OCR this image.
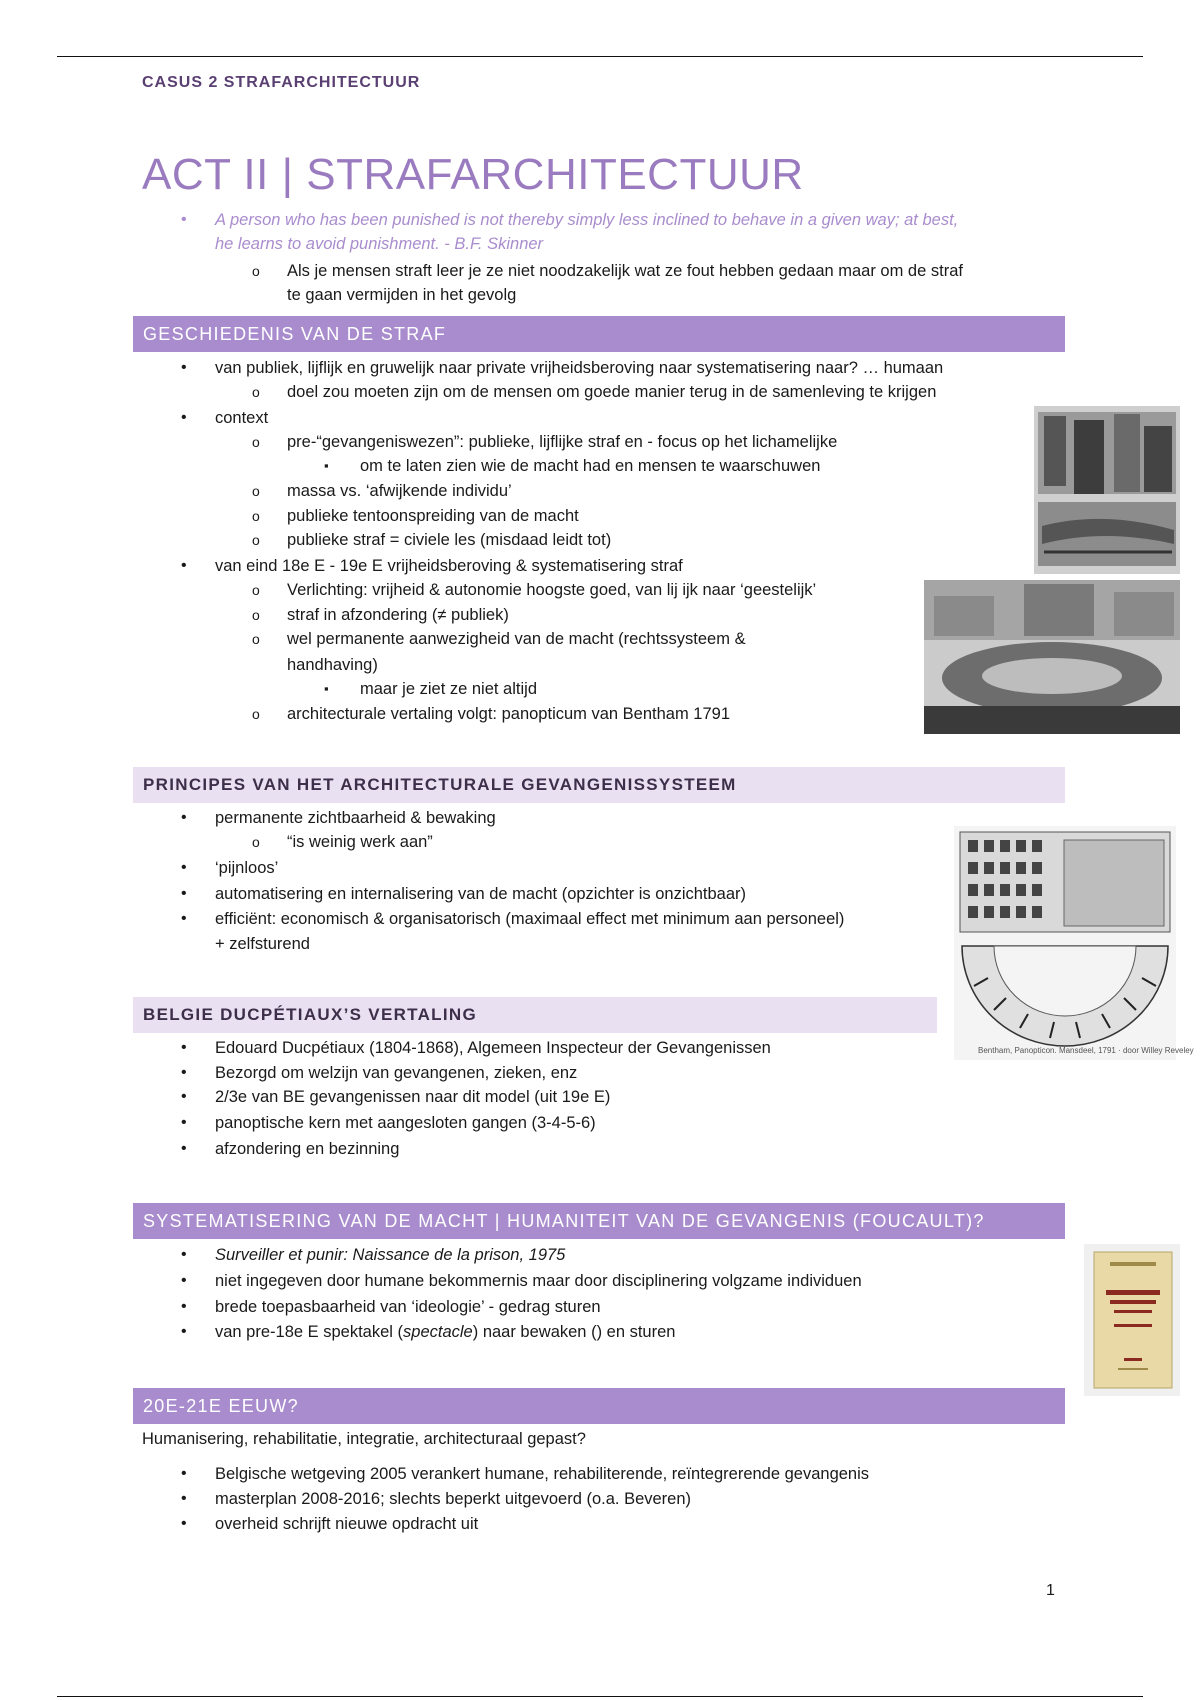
CASUS 2 STRAFARCHITECTUUR
ACT II | STRAFARCHITECTUUR
A person who has been punished is not thereby simply less inclined to behave in a given way; at best,
he learns to avoid punishment. - B.F. Skinner
Als je mensen straft leer je ze niet noodzakelijk wat ze fout hebben gedaan maar om de straf
te gaan vermijden in het gevolg
GESCHIEDENIS VAN DE STRAF
van publiek, lijflijk en gruwelijk naar private vrijheidsberoving naar systematisering naar? … humaan
doel zou moeten zijn om de mensen om goede manier terug in de samenleving te krijgen
context
pre-“gevangeniswezen”: publieke, lijflijke straf en - focus op het lichamelijke
om te laten zien wie de macht had en mensen te waarschuwen
massa vs. ‘afwijkende individu’
publieke tentoonspreiding van de macht
publieke straf = civiele les (misdaad leidt tot)
van eind 18e E - 19e E vrijheidsberoving & systematisering straf
Verlichting: vrijheid & autonomie hoogste goed, van lij ijk naar ‘geestelijk’
straf in afzondering (≠ publiek)
wel permanente aanwezigheid van de macht (rechtssysteem &
handhaving)
maar je ziet ze niet altijd
architecturale vertaling volgt: panopticum van Bentham 1791
PRINCIPES VAN HET ARCHITECTURALE GEVANGENISSYSTEEM
permanente zichtbaarheid & bewaking
“is weinig werk aan”
‘pijnloos’
automatisering en internalisering van de macht (opzichter is onzichtbaar)
efficiënt: economisch & organisatorisch (maximaal effect met minimum aan personeel)
+ zelfsturend
Bentham, Panopticon. Mansdeel, 1791 · door Willey Reveley
BELGIE DUCPÉTIAUX’S VERTALING
Edouard Ducpétiaux (1804-1868), Algemeen Inspecteur der Gevangenissen
Bezorgd om welzijn van gevangenen, zieken, enz
2/3e van BE gevangenissen naar dit model (uit 19e E)
panoptische kern met aangesloten gangen (3-4-5-6)
afzondering en bezinning
SYSTEMATISERING VAN DE MACHT | HUMANITEIT VAN DE GEVANGENIS (FOUCAULT)?
Surveiller et punir: Naissance de la prison, 1975
niet ingegeven door humane bekommernis maar door disciplinering volgzame individuen
brede toepasbaarheid van ‘ideologie’ - gedrag sturen
van pre-18e E spektakel (spectacle) naar bewaken () en sturen
20E-21E EEUW?
Humanisering, rehabilitatie, integratie, architecturaal gepast?
Belgische wetgeving 2005 verankert humane, rehabiliterende, reïntegrerende gevangenis
masterplan 2008-2016; slechts beperkt uitgevoerd (o.a. Beveren)
overheid schrijft nieuwe opdracht uit
1
